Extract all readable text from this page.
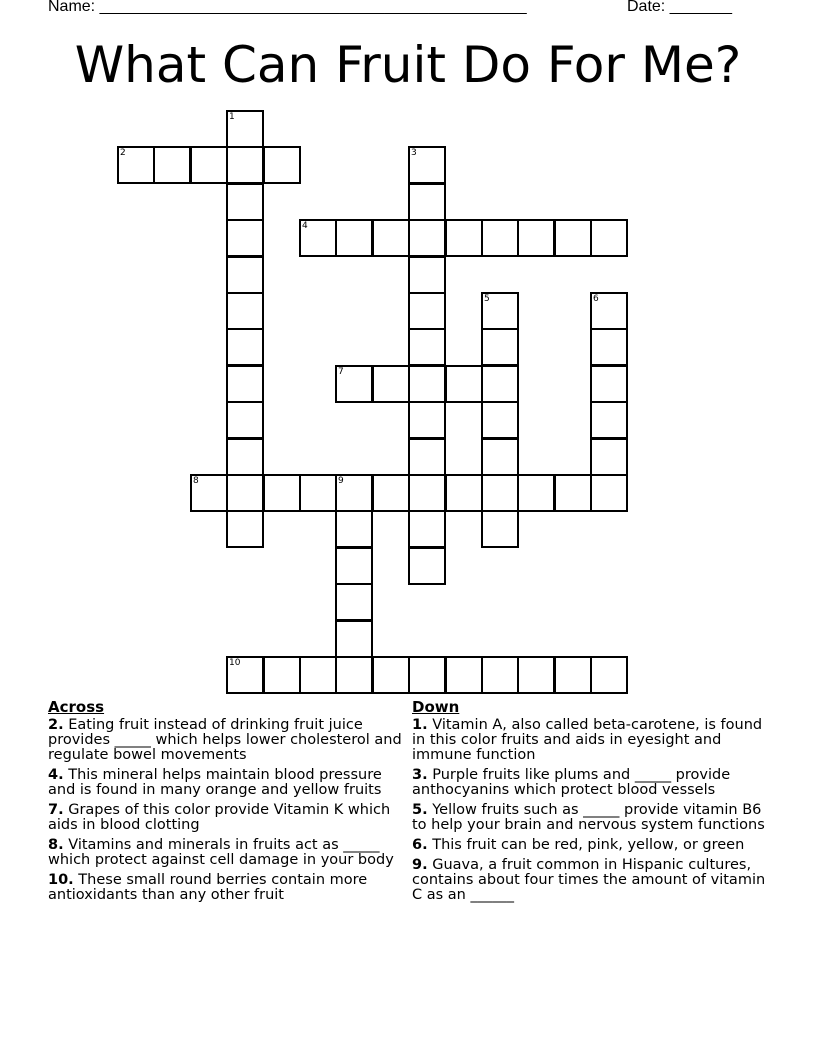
Name: ________________________________________________	Date: _______
What Can Fruit Do For Me?
1
2	3
4
5	6
7
8	9
10
Across
2. Eating fruit instead of drinking fruit juice provides _____ which helps lower cholesterol and regulate bowel movements
4. This mineral helps maintain blood pressure and is found in many orange and yellow fruits
7. Grapes of this color provide Vitamin K which aids in blood clotting
8. Vitamins and minerals in fruits act as _____ which protect against cell damage in your body
10. These small round berries contain more antioxidants than any other fruit
Down
1. Vitamin A, also called beta-carotene, is found in this color fruits and aids in eyesight and immune function
3. Purple fruits like plums and _____ provide anthocyanins which protect blood vessels
5. Yellow fruits such as _____ provide vitamin B6 to help your brain and nervous system functions
6. This fruit can be red, pink, yellow, or green
9. Guava, a fruit common in Hispanic cultures, contains about four times the amount of vitamin C as an ______
